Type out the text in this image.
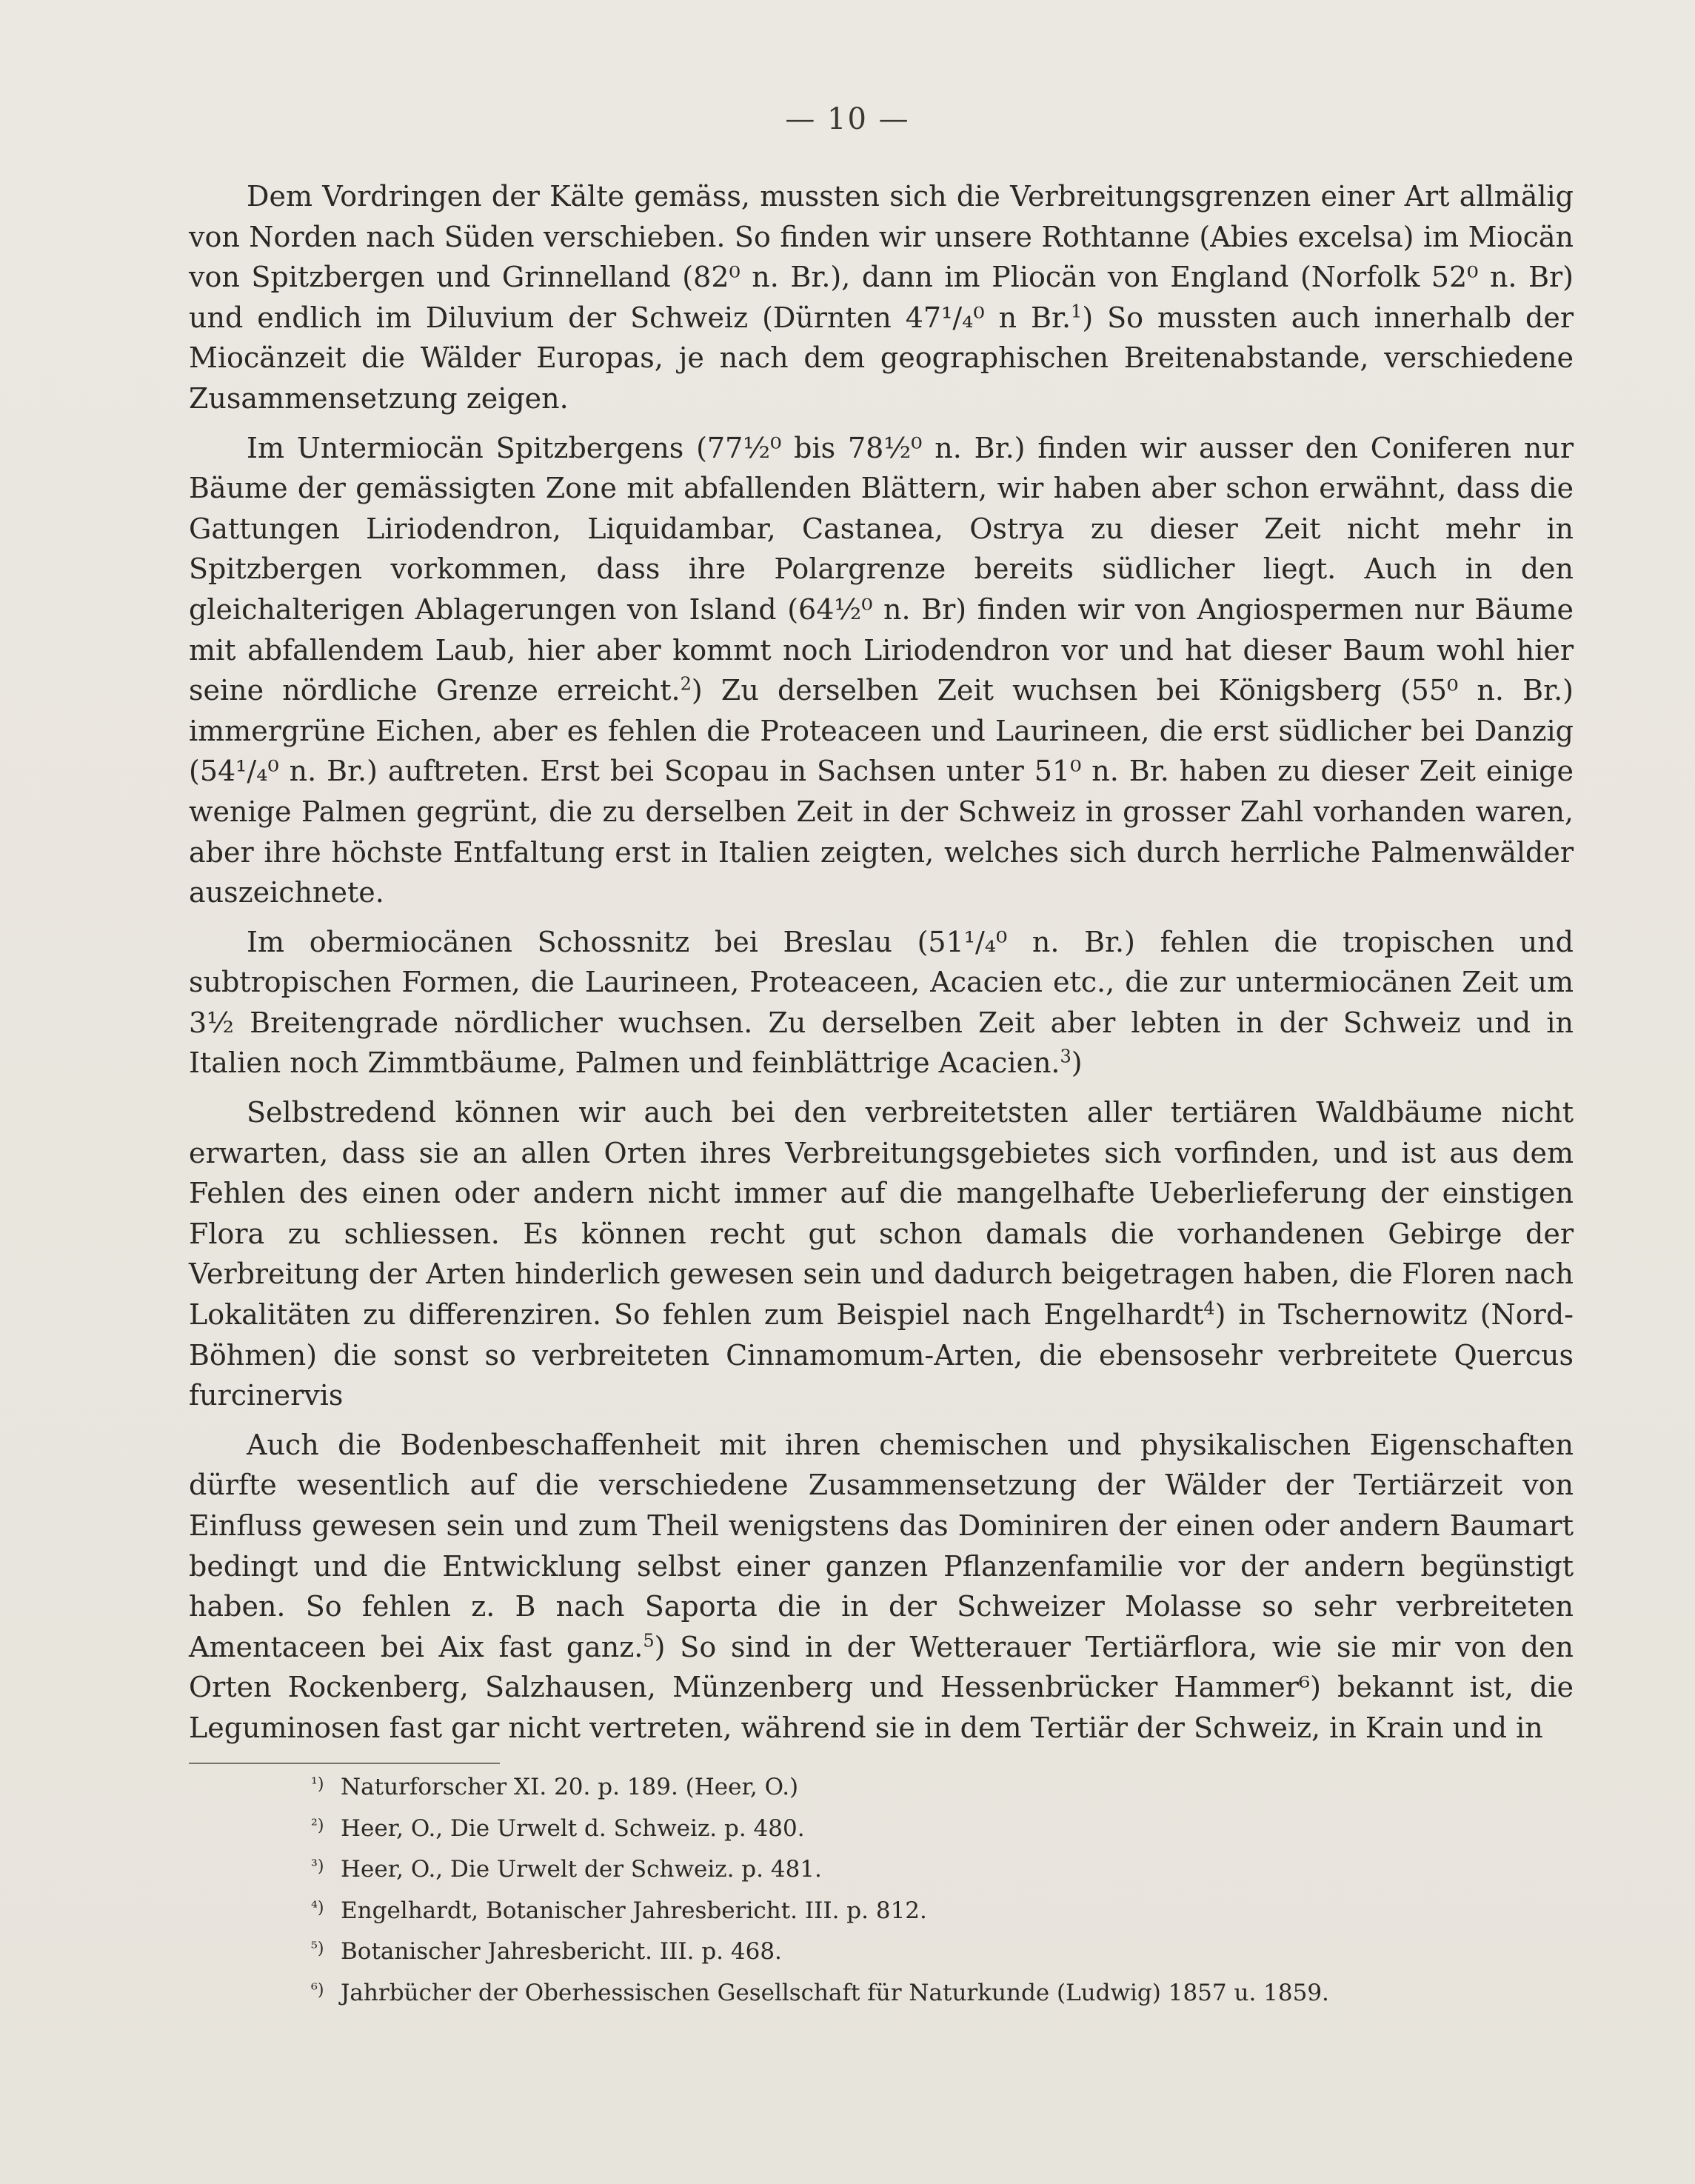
— 10 —

Dem Vordringen der Kälte gemäss, mussten sich die Verbreitungsgrenzen einer Art allmälig von Norden nach Süden verschieben. So finden wir unsere Rothtanne (Abies excelsa) im Miocän von Spitzbergen und Grinnelland (82⁰ n. Br.), dann im Pliocän von England (Norfolk 52⁰ n. Br) und endlich im Diluvium der Schweiz (Dürnten 47¹/₄⁰ n Br.$^1$) So mussten auch innerhalb der Miocänzeit die Wälder Europas, je nach dem geographischen Breitenabstande, verschiedene Zusammensetzung zeigen.

Im Untermiocän Spitzbergens (77½⁰ bis 78½⁰ n. Br.) finden wir ausser den Coniferen nur Bäume der gemässigten Zone mit abfallenden Blättern, wir haben aber schon erwähnt, dass die Gattungen Liriodendron, Liquidambar, Castanea, Ostrya zu dieser Zeit nicht mehr in Spitzbergen vorkommen, dass ihre Polargrenze bereits südlicher liegt. Auch in den gleichalterigen Ablagerungen von Island (64½⁰ n. Br) finden wir von Angiospermen nur Bäume mit abfallendem Laub, hier aber kommt noch Liriodendron vor und hat dieser Baum wohl hier seine nördliche Grenze erreicht.$^2$) Zu derselben Zeit wuchsen bei Königsberg (55⁰ n. Br.) immergrüne Eichen, aber es fehlen die Proteaceen und Laurineen, die erst südlicher bei Danzig (54¹/₄⁰ n. Br.) auftreten. Erst bei Scopau in Sachsen unter 51⁰ n. Br. haben zu dieser Zeit einige wenige Palmen gegrünt, die zu derselben Zeit in der Schweiz in grosser Zahl vorhanden waren, aber ihre höchste Entfaltung erst in Italien zeigten, welches sich durch herrliche Palmenwälder auszeichnete.

Im obermiocänen Schossnitz bei Breslau (51¹/₄⁰ n. Br.) fehlen die tropischen und subtropischen Formen, die Laurineen, Proteaceen, Acacien etc., die zur untermiocänen Zeit um 3½ Breitengrade nördlicher wuchsen. Zu derselben Zeit aber lebten in der Schweiz und in Italien noch Zimmtbäume, Palmen und feinblättrige Acacien.$^3$)

Selbstredend können wir auch bei den verbreitetsten aller tertiären Waldbäume nicht erwarten, dass sie an allen Orten ihres Verbreitungsgebietes sich vorfinden, und ist aus dem Fehlen des einen oder andern nicht immer auf die mangelhafte Ueberlieferung der einstigen Flora zu schliessen. Es können recht gut schon damals die vorhandenen Gebirge der Verbreitung der Arten hinderlich gewesen sein und dadurch beigetragen haben, die Floren nach Lokalitäten zu differenziren. So fehlen zum Beispiel nach Engelhardt$^4$) in Tschernowitz (Nord-Böhmen) die sonst so verbreiteten Cinnamomum-Arten, die ebensosehr verbreitete Quercus furcinervis

Auch die Bodenbeschaffenheit mit ihren chemischen und physikalischen Eigenschaften dürfte wesentlich auf die verschiedene Zusammensetzung der Wälder der Tertiärzeit von Einfluss gewesen sein und zum Theil wenigstens das Dominiren der einen oder andern Baumart bedingt und die Entwicklung selbst einer ganzen Pflanzenfamilie vor der andern begünstigt haben. So fehlen z. B nach Saporta die in der Schweizer Molasse so sehr verbreiteten Amentaceen bei Aix fast ganz.$^5$) So sind in der Wetterauer Tertiärflora, wie sie mir von den Orten Rockenberg, Salzhausen, Münzenberg und Hessenbrücker Hammer⁶) bekannt ist, die Leguminosen fast gar nicht vertreten, während sie in dem Tertiär der Schweiz, in Krain und in

¹) Naturforscher XI. 20. p. 189. (Heer, O.)
²) Heer, O., Die Urwelt d. Schweiz. p. 480.
³) Heer, O., Die Urwelt der Schweiz. p. 481.
⁴) Engelhardt, Botanischer Jahresbericht. III. p. 812.
⁵) Botanischer Jahresbericht. III. p. 468.
⁶) Jahrbücher der Oberhessischen Gesellschaft für Naturkunde (Ludwig) 1857 u. 1859.
